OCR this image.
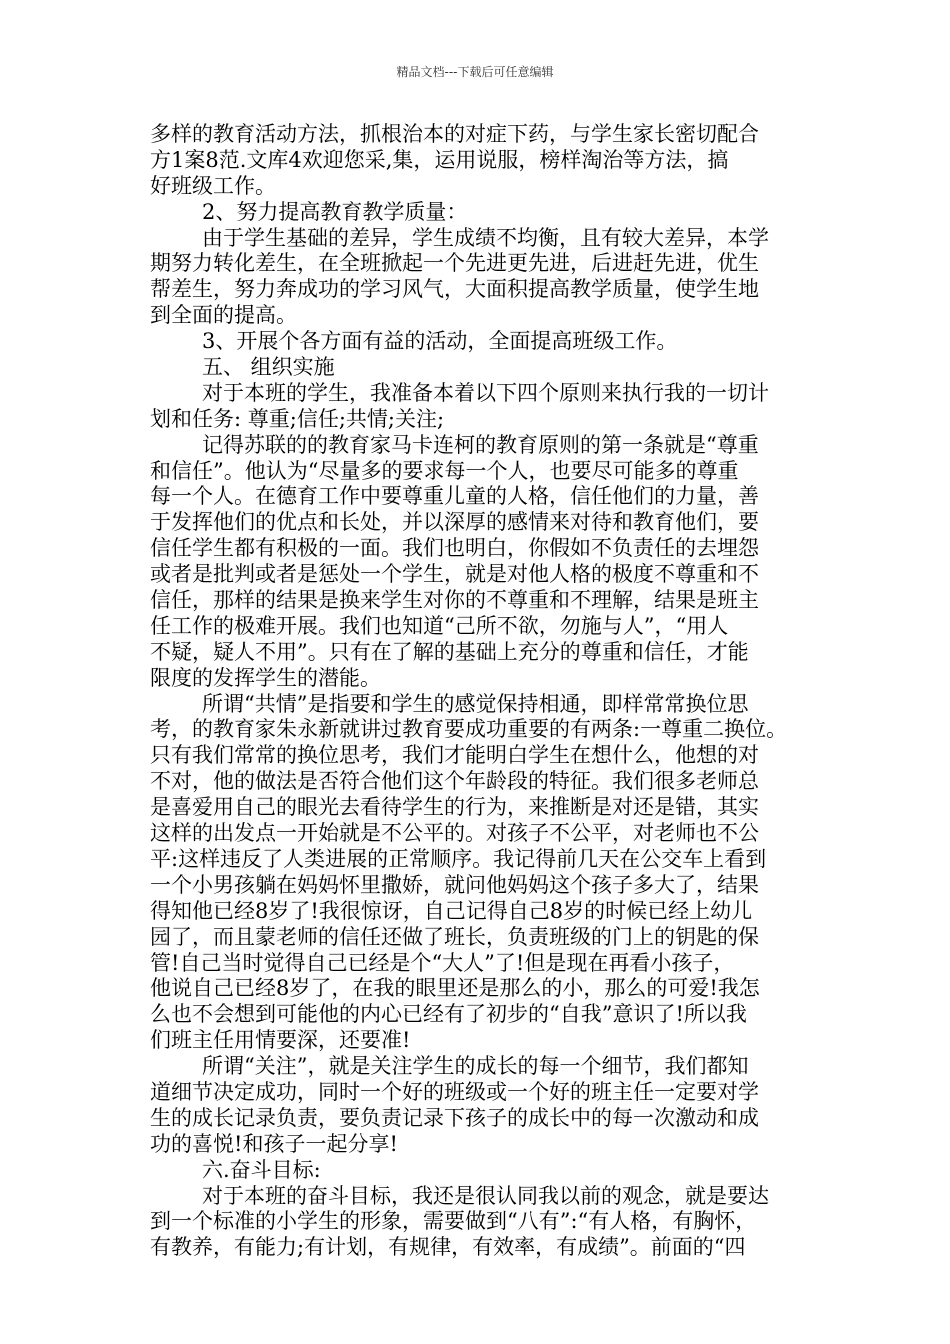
精品文档---下载后可任意编辑
多样的教育活动方法，抓根治本的对症下药，与学生家长密切配合
方1案8范.文库4欢迎您采,集，运用说服，榜样淘治等方法，搞
好班级工作。
2、努力提高教育教学质量：
由于学生基础的差异，学生成绩不均衡，且有较大差异，本学
期努力转化差生，在全班掀起一个先进更先进，后进赶先进，优生
帮差生，努力奔成功的学习风气，大面积提高教学质量，使学生地
到全面的提高。
3、开展个各方面有益的活动，全面提高班级工作。
五、 组织实施
对于本班的学生，我准备本着以下四个原则来执行我的一切计
划和任务: 尊重;信任;共情;关注;
记得苏联的的教育家马卡连柯的教育原则的第一条就是“尊重
和信任”。他认为“尽量多的要求每一个人，也要尽可能多的尊重
每一个人。在德育工作中要尊重儿童的人格，信任他们的力量，善
于发挥他们的优点和长处，并以深厚的感情来对待和教育他们，要
信任学生都有积极的一面。我们也明白，你假如不负责任的去埋怨
或者是批判或者是惩处一个学生，就是对他人格的极度不尊重和不
信任，那样的结果是换来学生对你的不尊重和不理解，结果是班主
任工作的极难开展。我们也知道“己所不欲，勿施与人”，“用人
不疑，疑人不用”。只有在了解的基础上充分的尊重和信任，才能
限度的发挥学生的潜能。
所谓“共情”是指要和学生的感觉保持相通，即样常常换位思
考，的教育家朱永新就讲过教育要成功重要的有两条:一尊重二换位。
只有我们常常的换位思考，我们才能明白学生在想什么，他想的对
不对，他的做法是否符合他们这个年龄段的特征。我们很多老师总
是喜爱用自己的眼光去看待学生的行为，来推断是对还是错，其实
这样的出发点一开始就是不公平的。对孩子不公平，对老师也不公
平:这样违反了人类进展的正常顺序。我记得前几天在公交车上看到
一个小男孩躺在妈妈怀里撒娇，就问他妈妈这个孩子多大了，结果
得知他已经8岁了!我很惊讶，自己记得自己8岁的时候已经上幼儿
园了，而且蒙老师的信任还做了班长，负责班级的门上的钥匙的保
管!自己当时觉得自己已经是个“大人”了!但是现在再看小孩子，
他说自己已经8岁了，在我的眼里还是那么的小，那么的可爱!我怎
么也不会想到可能他的内心已经有了初步的“自我”意识了!所以我
们班主任用情要深，还要准!
所谓“关注”，就是关注学生的成长的每一个细节，我们都知
道细节决定成功，同时一个好的班级或一个好的班主任一定要对学
生的成长记录负责，要负责记录下孩子的成长中的每一次激动和成
功的喜悦!和孩子一起分享!
六.奋斗目标:
对于本班的奋斗目标，我还是很认同我以前的观念，就是要达
到一个标准的小学生的形象，需要做到“八有”:“有人格，有胸怀，
有教养，有能力;有计划，有规律，有效率，有成绩”。前面的“四
